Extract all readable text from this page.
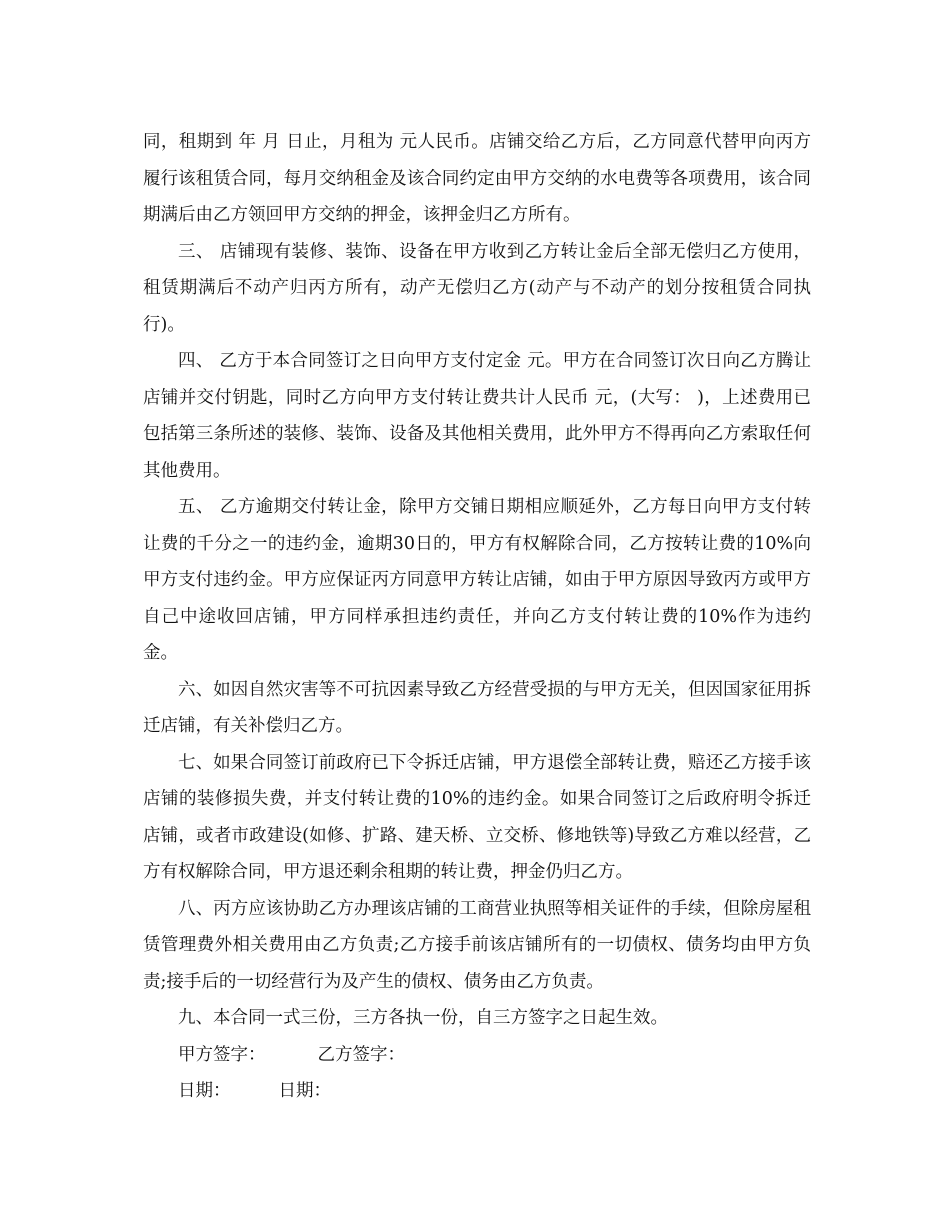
同，租期到 年 月 日止，月租为 元人民币。店铺交给乙方后，乙方同意代替甲向丙方履行该租赁合同，每月交纳租金及该合同约定由甲方交纳的水电费等各项费用，该合同期满后由乙方领回甲方交纳的押金，该押金归乙方所有。

三、 店铺现有装修、装饰、设备在甲方收到乙方转让金后全部无偿归乙方使用，租赁期满后不动产归丙方所有，动产无偿归乙方(动产与不动产的划分按租赁合同执行)。

四、 乙方于本合同签订之日向甲方支付定金 元。甲方在合同签订次日向乙方腾让店铺并交付钥匙，同时乙方向甲方支付转让费共计人民币 元，(大写： )，上述费用已包括第三条所述的装修、装饰、设备及其他相关费用，此外甲方不得再向乙方索取任何其他费用。

五、 乙方逾期交付转让金，除甲方交铺日期相应顺延外，乙方每日向甲方支付转让费的千分之一的违约金，逾期30日的，甲方有权解除合同，乙方按转让费的10%向甲方支付违约金。甲方应保证丙方同意甲方转让店铺，如由于甲方原因导致丙方或甲方自己中途收回店铺，甲方同样承担违约责任，并向乙方支付转让费的10%作为违约金。

六、如因自然灾害等不可抗因素导致乙方经营受损的与甲方无关，但因国家征用拆迁店铺，有关补偿归乙方。

七、如果合同签订前政府已下令拆迁店铺，甲方退偿全部转让费，赔还乙方接手该店铺的装修损失费，并支付转让费的10%的违约金。如果合同签订之后政府明令拆迁店铺，或者市政建设(如修、扩路、建天桥、立交桥、修地铁等)导致乙方难以经营，乙方有权解除合同，甲方退还剩余租期的转让费，押金仍归乙方。

八、丙方应该协助乙方办理该店铺的工商营业执照等相关证件的手续，但除房屋租赁管理费外相关费用由乙方负责;乙方接手前该店铺所有的一切债权、债务均由甲方负责;接手后的一切经营行为及产生的债权、债务由乙方负责。

九、本合同一式三份，三方各执一份，自三方签字之日起生效。

甲方签字：	乙方签字：
日期：	日期：
